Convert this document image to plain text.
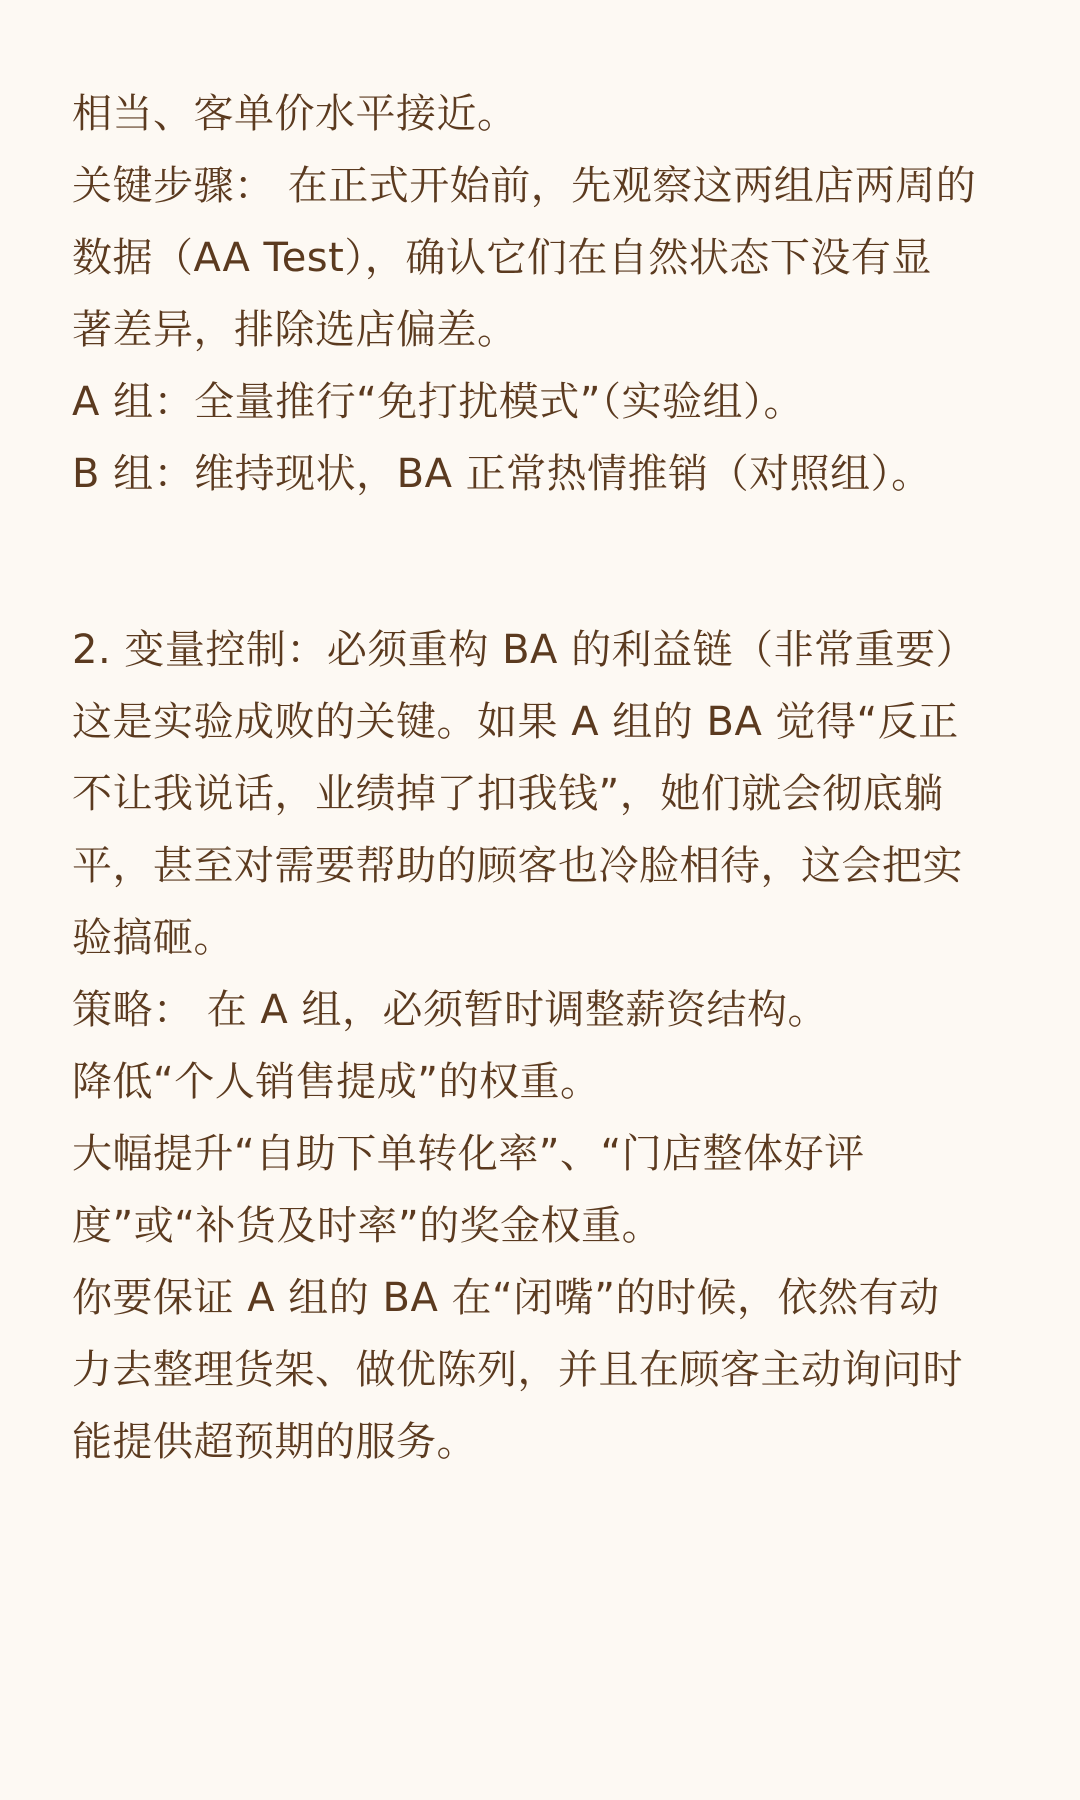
相当、客单价水平接近。
关键步骤： 在正式开始前，先观察这两组店两周的
数据（AA Test），确认它们在自然状态下没有显
著差异，排除选店偏差。
A 组：全量推行“免打扰模式”（实验组）。
B 组：维持现状，BA 正常热情推销（对照组）。
2. 变量控制：必须重构 BA 的利益链（非常重要）
这是实验成败的关键。如果 A 组的 BA 觉得“反正
不让我说话，业绩掉了扣我钱”，她们就会彻底躺
平，甚至对需要帮助的顾客也冷脸相待，这会把实
验搞砸。
策略： 在 A 组，必须暂时调整薪资结构。
降低“个人销售提成”的权重。
大幅提升“自助下单转化率”、“门店整体好评
度”或“补货及时率”的奖金权重。
你要保证 A 组的 BA 在“闭嘴”的时候，依然有动
力去整理货架、做优陈列，并且在顾客主动询问时
能提供超预期的服务。
